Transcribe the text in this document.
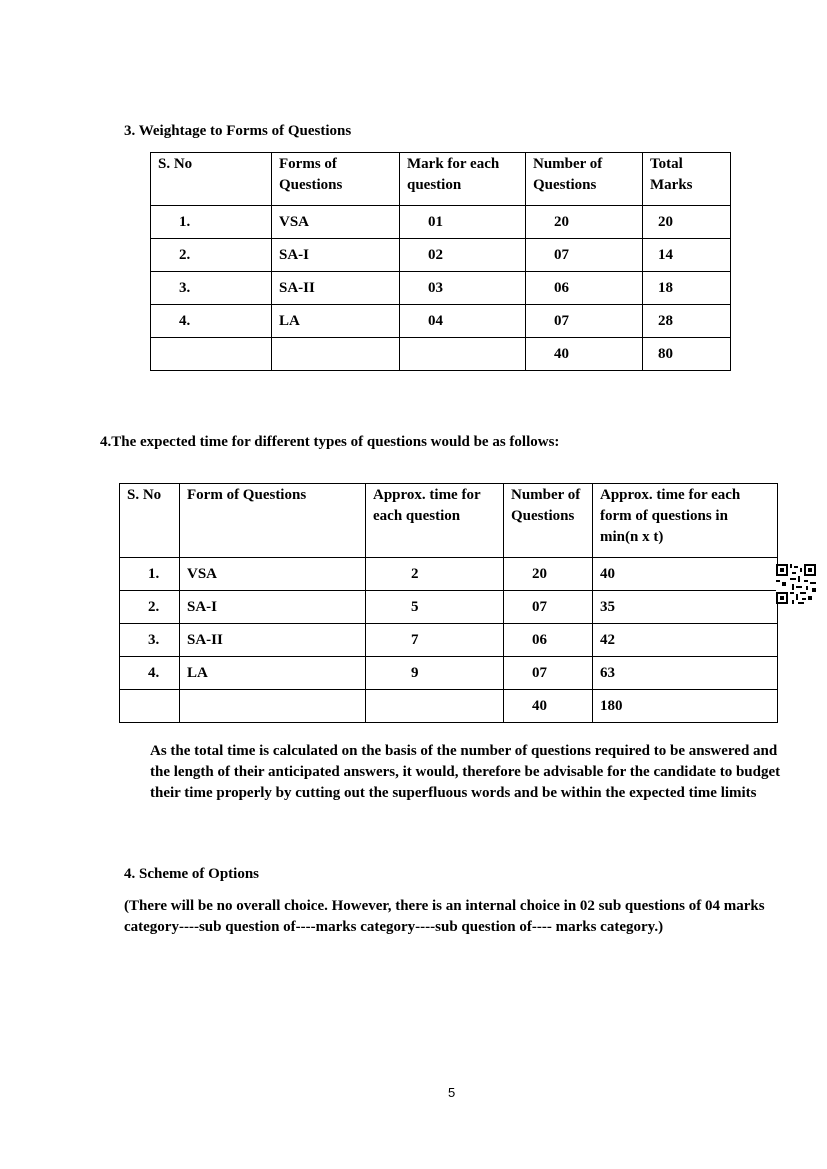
3. Weightage to Forms of Questions
S. No	Forms of Questions	Mark for each question	Number of Questions	Total Marks
1.	VSA	01	20	20
2.	SA-I	02	07	14
3.	SA-II	03	06	18
4.	LA	04	07	28
			40	80
4.The expected time for different types of questions would be as follows:
S. No	Form of Questions	Approx. time for each question	Number of Questions	Approx. time for each form of questions in min(n x t)
1.	VSA	2	20	40
2.	SA-I	5	07	35
3.	SA-II	7	06	42
4.	LA	9	07	63
			40	180
As the total time is calculated on the basis of the number of questions required to be answered and the length of their anticipated answers, it would, therefore be advisable for the candidate to budget their time properly by cutting out the superfluous words and be within the expected time limits
4. Scheme of Options
(There will be no overall choice. However, there is an internal choice in 02 sub questions of 04 marks category----sub question of----marks category----sub question of---- marks category.)
5
